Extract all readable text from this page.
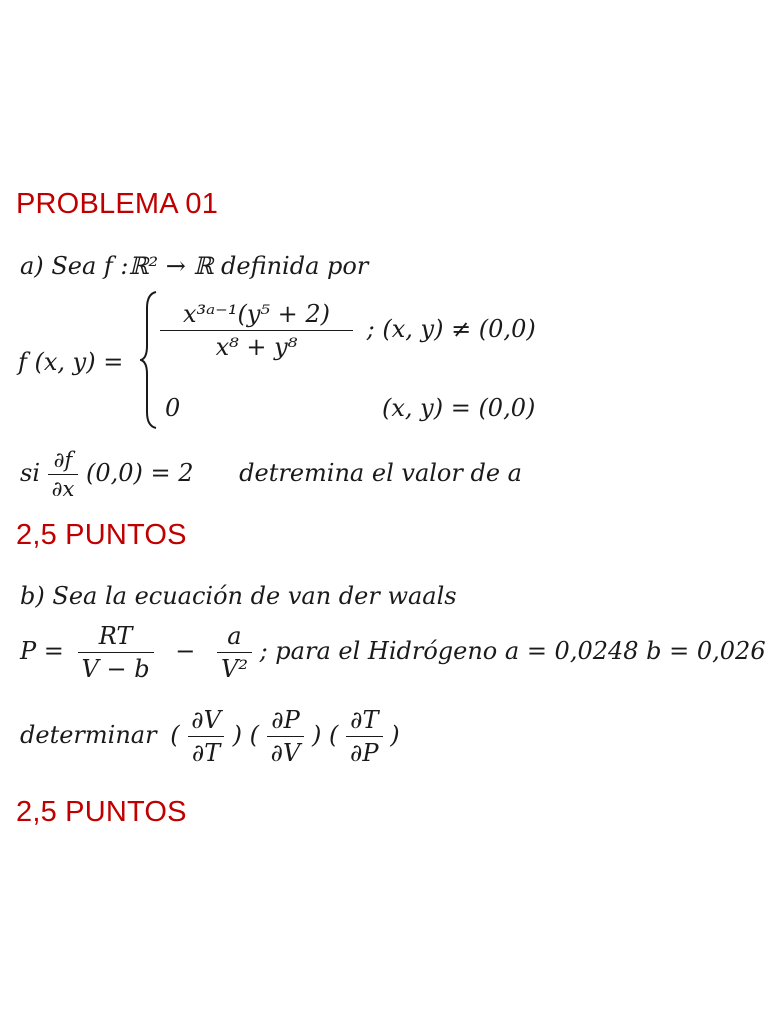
PROBLEMA 01
a) Sea f :ℝ² → ℝ definida por
f (x, y) =
$\frac{\text{x³ᵃ⁻¹(y⁵ + 2)}}{\text{x⁸ + y⁸}}$ ; (x, y) ≠ (0,0)
0	(x, y) = (0,0)
si $\frac{\partial f}{\partial x} (0,0) = 2$ detremina el valor de a
2,5 PUNTOS
b) Sea la ecuación de van der waals
$P = \frac{RT}{V - b} - \frac{a}{\text{V²}}$ ; para el Hidrógeno a = 0,0248 b = 0,026
determinar ( $\frac{\partial V}{\partial T}$ ) ( $\frac{\partial P}{\partial V}$ ) ( $\frac{\partial T}{\partial P}$ )
2,5 PUNTOS
